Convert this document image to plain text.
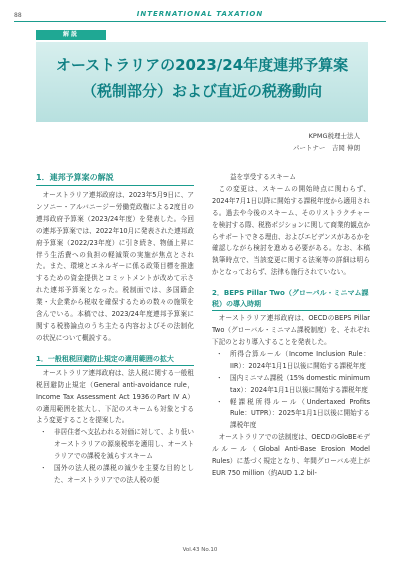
88	INTERNATIONAL TAXATION
解説
オーストラリアの2023/24年度連邦予算案
（税制部分）および直近の税務動向
KPMG税理士法人
パートナー　吉岡 伸朗
1．連邦予算案の解説

オーストラリア連邦政府は、2023年5月9日に、アンソニー・アルバニージー労働党政権による2度目の連邦政府予算案（2023/24年度）を発表した。今回の連邦予算案では、2022年10月に発表された連邦政府予算案（2022/23年度）に引き続き、物価上昇に伴う生活費への負担の軽減策の実施が焦点とされた。また、環境とエネルギーに係る政策目標を推進するための資金提供とコミットメントが改めて示された連邦予算案となった。税制面では、多国籍企業・大企業から税収を確保するための数々の施策を含んでいる。本稿では、2023/24年度連邦予算案に関する税務論点のうち主たる内容およびその法制化の状況について概説する。

1．一般租税回避防止規定の適用範囲の拡大

オーストラリア連邦政府は、法人税に関する一般租税回避防止規定（General anti-avoidance rule，Income Tax Assessment Act 1936のPart IV A）の適用範囲を拡大し、下記のスキームも対象とするよう変更することを提案した。

・ 非居住者へ支払われる対価に対して、より低いオーストラリアの源泉税率を適用し、オーストラリアでの課税を減らすスキーム
・ 国外の法人税の課税の減少を主要な目的とした、オーストラリアでの法人税の便

益を享受するスキーム

この変更は、スキームの開始時点に関わらず、2024年7月1日以降に開始する課税年度から適用される。過去や今後のスキーム、そのリストラクチャーを検討する際、税務ポジションに関して商業的観点からサポートできる理由、およびエビデンスがあるかを確認しながら検討を進める必要がある。なお、本稿執筆時点で、当該変更に関する法案等の詳細は明らかとなっておらず、法律も施行されていない。

2．BEPS Pillar Two（グローバル・ミニマム課税）の導入時期

オーストラリア連邦政府は、OECDのBEPS Pillar Two（グローバル・ミニマム課税制度）を、それぞれ下記のとおり導入することを発表した。

・ 所得合算ルール（Income Inclusion Rule：IIR）：2024年1月1日以後に開始する課税年度
・ 国内ミニマム課税（15% domestic minimum tax）：2024年1月1日以後に開始する課税年度
・ 軽課税所得ルール（Undertaxed Profits Rule：UTPR）：2025年1月1日以後に開始する課税年度

オーストラリアでの法制度は、OECDのGloBEモデルルール（Global Anti-Base Erosion Model Rules）に基づく規定となり、年間グローバル売上がEUR 750 million（約AUD 1.2 bil-

Vol.43 No.10
